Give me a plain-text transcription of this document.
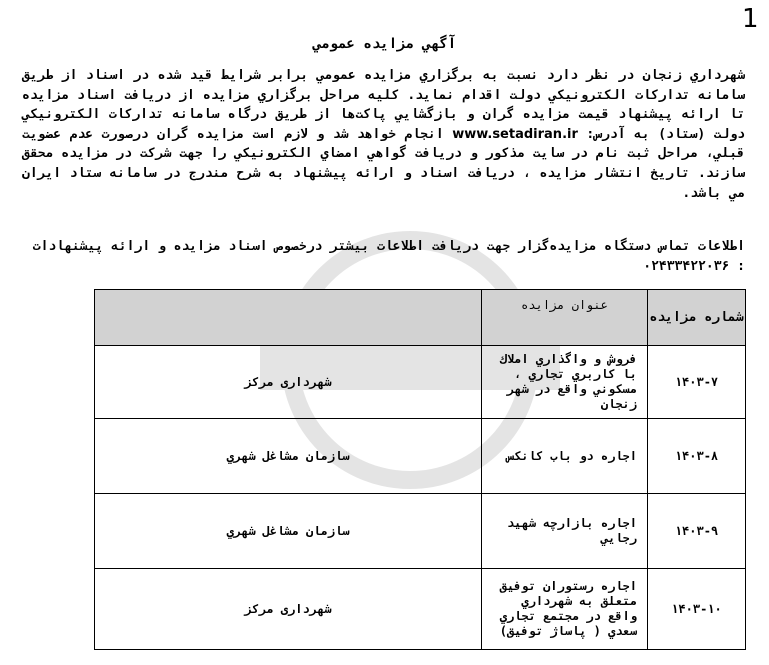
1
آگهي مزايده عمومي
شهرداري زنجان در نظر دارد نسبت به برگزاري مزايده عمومي برابر شرايط قيد شده در اسناد از طريق سامانه تداركات الكترونيكي دولت اقدام نمايد. كليه مراحل برگزاري مزايده از دريافت اسناد مزايده تا ارائه پيشنهاد قيمت مزايده گران و بازگشايي پاكت‌ها از طريق درگاه سامانه تداركات الكترونيكي دولت (ستاد) به آدرس: www.setadiran.ir انجام خواهد شد و لازم است مزايده گران درصورت عدم عضويت قبلي، مراحل ثبت نام در سايت مذكور و دريافت گواهي امضاي الكترونيكي را جهت شركت در مزايده محقق سازند. تاريخ انتشار مزايده ، دريافت اسناد و ارائه پيشنهاد به شرح مندرج در سامانه ستاد ايران مي باشد.
اطلاعات تماس دستگاه مزايده‌گزار جهت دريافت اطلاعات بيشتر درخصوص اسناد مزايده و ارائه پيشنهادات : ۰۲۴۳۳۴۲۲۰۳۶
شماره مزايده	عنوان مزايده	
۱۴۰۳-۷	فروش و واگذاري املاك با كاربري تجاري ، مسكوني واقع در شهر زنجان	شهرداری مرکز
۱۴۰۳-۸	اجاره دو باب كانكس	سازمان مشاغل شهري
۱۴۰۳-۹	اجاره بازارچه شهيد رجايي	سازمان مشاغل شهري
۱۴۰۳-۱۰	اجاره رستوران توفيق متعلق به شهرداري واقع در مجتمع تجاري سعدي ( پاساژ توفيق)	شهرداری مرکز
